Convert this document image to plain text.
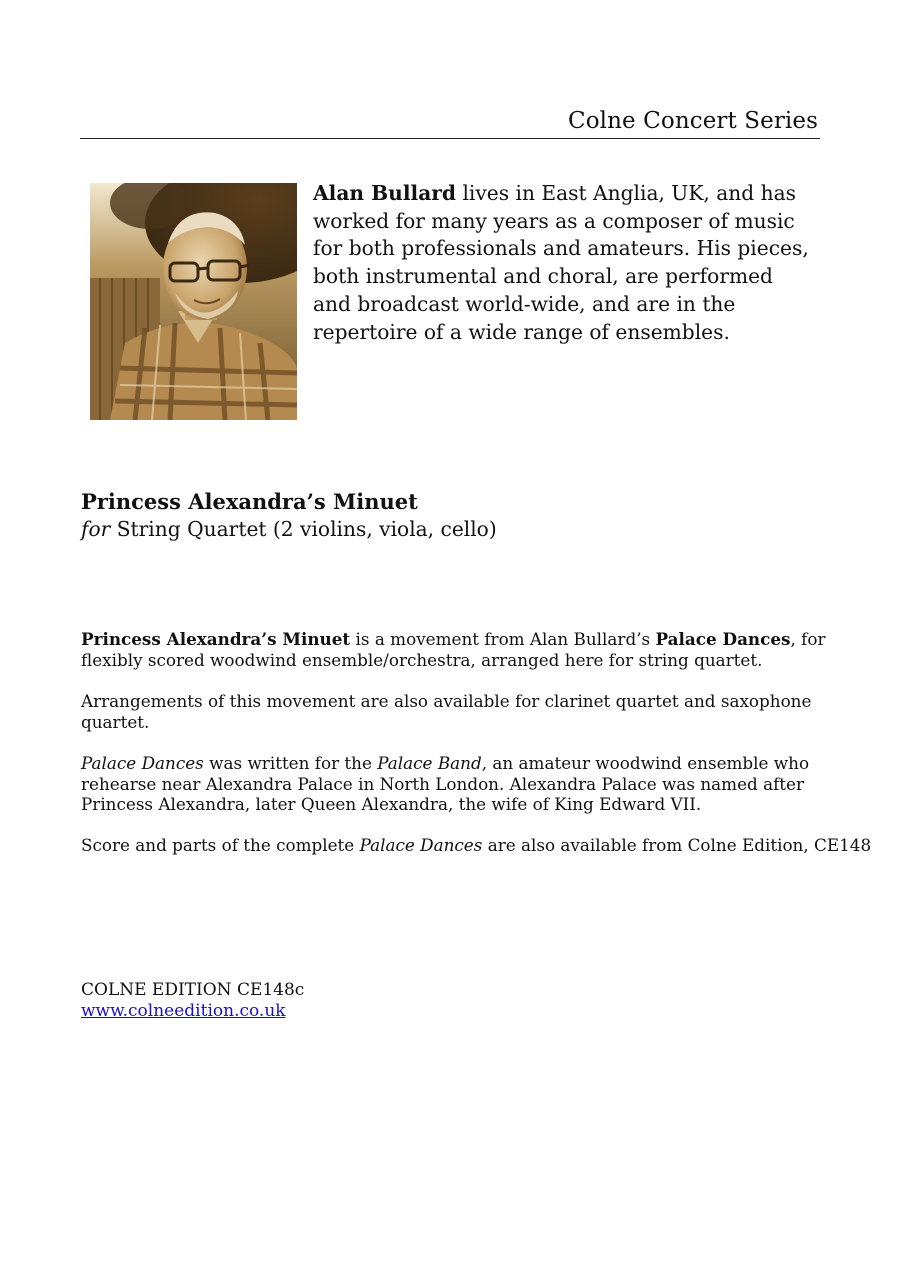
Colne Concert Series

Alan Bullard lives in East Anglia, UK, and has worked for many years as a composer of music for both professionals and amateurs. His pieces, both instrumental and choral, are performed and broadcast world-wide, and are in the repertoire of a wide range of ensembles.

Princess Alexandra’s Minuet

for String Quartet (2 violins, viola, cello)

Princess Alexandra’s Minuet is a movement from Alan Bullard’s Palace Dances, for flexibly scored woodwind ensemble/orchestra, arranged here for string quartet.

Arrangements of this movement are also available for clarinet quartet and saxophone quartet.

Palace Dances was written for the Palace Band, an amateur woodwind ensemble who rehearse near Alexandra Palace in North London. Alexandra Palace was named after Princess Alexandra, later Queen Alexandra, the wife of King Edward VII.

Score and parts of the complete Palace Dances are also available from Colne Edition, CE148

COLNE EDITION CE148c
www.colneedition.co.uk
